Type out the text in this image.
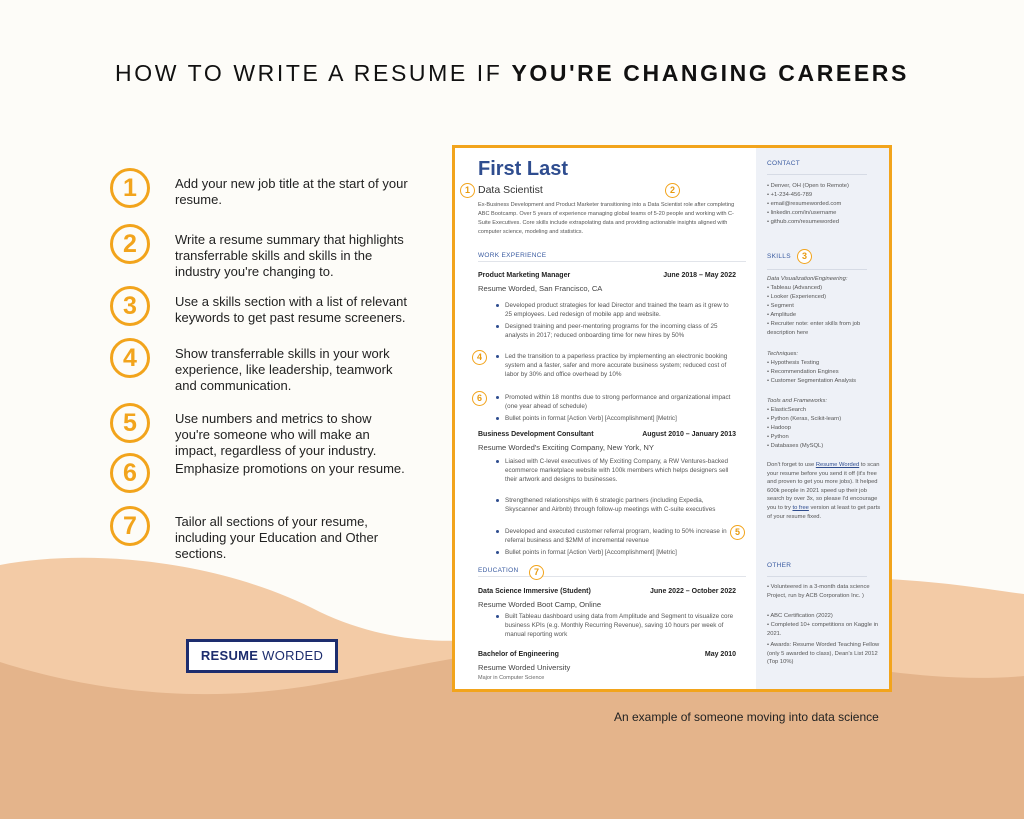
HOW TO WRITE A RESUME IF YOU'RE CHANGING CAREERS
1	Add your new job title at the start of your resume.
2	Write a resume summary that highlights transferrable skills and skills in the industry you're changing to.
3	Use a skills section with a list of relevant keywords to get past resume screeners.
4	Show transferrable skills in your work experience, like leadership, teamwork and communication.
5	Use numbers and metrics to show you're someone who will make an impact, regardless of your industry.
6	Emphasize promotions on your resume.
7	Tailor all sections of your resume, including your Education and Other sections.
RESUME WORDED
An example of someone moving into data science
First Last
Data Scientist
Ex-Business Development and Product Marketer transitioning into a Data Scientist role after completing ABC Bootcamp. Over 5 years of experience managing global teams of 5-20 people and working with C-Suite Executives. Core skills include extrapolating data and providing actionable insights aligned with computer science, modeling and statistics.
WORK EXPERIENCE
Product Marketing Manager	June 2018 – May 2022
Resume Worded, San Francisco, CA
Developed product strategies for lead Director and trained the team as it grew to 25 employees. Led redesign of mobile app and website.
Designed training and peer-mentoring programs for the incoming class of 25 analysts in 2017; reduced onboarding time for new hires by 50%
Led the transition to a paperless practice by implementing an electronic booking system and a faster, safer and more accurate business system; reduced cost of labor by 30% and office overhead by 10%
Promoted within 18 months due to strong performance and organizational impact (one year ahead of schedule)
Bullet points in format [Action Verb] [Accomplishment] [Metric]
Business Development Consultant	August 2010 – January 2013
Resume Worded's Exciting Company, New York, NY
Liaised with C-level executives of My Exciting Company, a RW Ventures-backed ecommerce marketplace website with 100k members which helps designers sell their artwork and designs to businesses.
Strengthened relationships with 6 strategic partners (including Expedia, Skyscanner and Airbnb) through follow-up meetings with C-suite executives
Developed and executed customer referral program, leading to 50% increase in referral business and $2MM of incremental revenue
Bullet points in format [Action Verb] [Accomplishment] [Metric]
EDUCATION
Data Science Immersive (Student)	June 2022 – October 2022
Resume Worded Boot Camp, Online
Built Tableau dashboard using data from Amplitude and Segment to visualize core business KPIs (e.g. Monthly Recurring Revenue), saving 10 hours per week of manual reporting work
Bachelor of Engineering	May 2010
Resume Worded University
Major in Computer Science
1	2
4
6
5
7
CONTACT
• Denver, OH (Open to Remote)
• +1-234-456-789
• email@resumeworded.com
• linkedin.com/in/username
• github.com/resumeworded
SKILLS	3
Data Visualization/Engineering:
• Tableau (Advanced)
• Looker (Experienced)
• Segment
• Amplitude
• Recruiter note: enter skills from job description here
Techniques:
• Hypothesis Testing
• Recommendation Engines
• Customer Segmentation Analysis
Tools and Frameworks:
• ElasticSearch
• Python (Keras, Scikit-learn)
• Hadoop
• Python
• Databases (MySQL)
Don't forget to use Resume Worded to scan your resume before you send it off (it's free and proven to get you more jobs). It helped 600k people in 2021 speed up their job search by over 3x, so please I'd encourage you to try to free version at least to get parts of your resume fixed.
OTHER
• Volunteered in a 3-month data science Project, run by ACB Corporation Inc. )
• ABC Certification (2022)
• Completed 10+ competitions on Kaggle in 2021.
• Awards: Resume Worded Teaching Fellow (only 5 awarded to class), Dean's List 2012 (Top 10%)
